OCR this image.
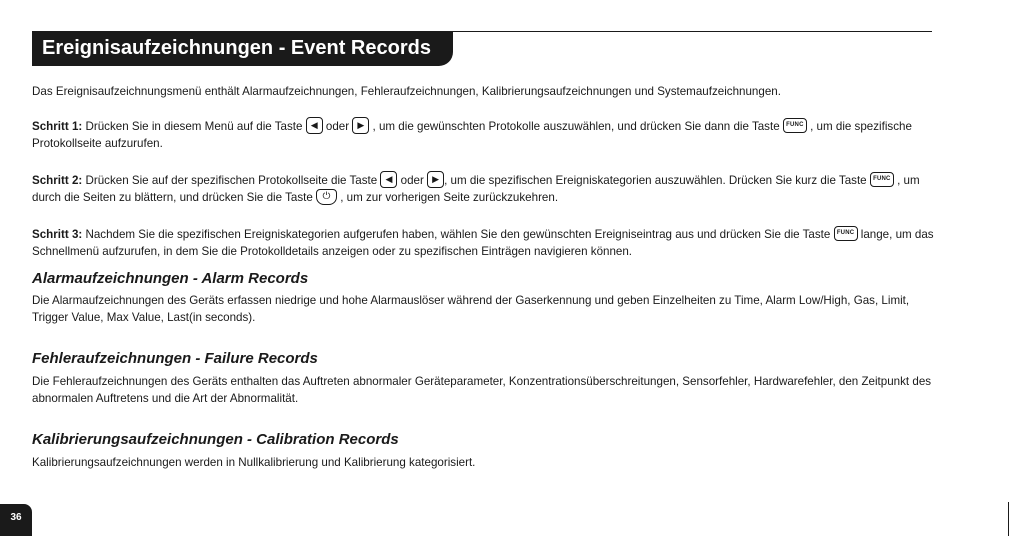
Ereignisaufzeichnungen - Event Records

Das Ereignisaufzeichnungsmenü enthält Alarmaufzeichnungen, Fehleraufzeichnungen, Kalibrierungsaufzeichnungen und Systemaufzeichnungen.

Schritt 1: Drücken Sie in diesem Menü auf die Taste ◀ oder ▶ , um die gewünschten Protokolle auszuwählen, und drücken Sie dann die Taste FUNC , um die spezifische Protokollseite aufzurufen.

Schritt 2: Drücken Sie auf der spezifischen Protokollseite die Taste ◀ oder ▶ , um die spezifischen Ereigniskategorien auszuwählen. Drücken Sie kurz die Taste FUNC , um durch die Seiten zu blättern, und drücken Sie die Taste ⏻ , um zur vorherigen Seite zurückzukehren.

Schritt 3: Nachdem Sie die spezifischen Ereigniskategorien aufgerufen haben, wählen Sie den gewünschten Ereigniseintrag aus und drücken Sie die Taste FUNC lange, um das Schnellmenü aufzurufen, in dem Sie die Protokolldetails anzeigen oder zu spezifischen Einträgen navigieren können.

Alarmaufzeichnungen - Alarm Records

Die Alarmaufzeichnungen des Geräts erfassen niedrige und hohe Alarmauslöser während der Gaserkennung und geben Einzelheiten zu Time, Alarm Low/High, Gas, Limit, Trigger Value, Max Value, Last(in seconds).

Fehleraufzeichnungen - Failure Records

Die Fehleraufzeichnungen des Geräts enthalten das Auftreten abnormaler Geräteparameter, Konzentrationsüberschreitungen, Sensorfehler, Hardwarefehler, den Zeitpunkt des abnormalen Auftretens und die Art der Abnormalität.

Kalibrierungsaufzeichnungen - Calibration Records

Kalibrierungsaufzeichnungen werden in Nullkalibrierung und Kalibrierung kategorisiert.

36
